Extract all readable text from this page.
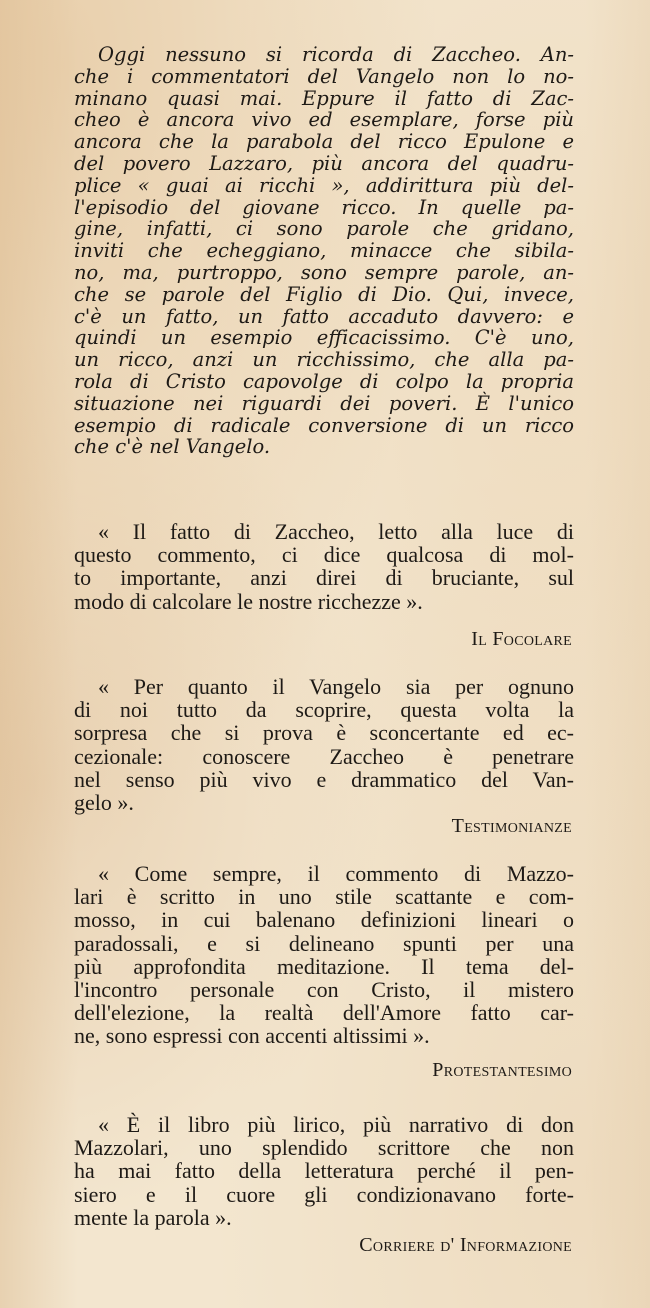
Oggi nessuno si ricorda di Zaccheo. An-
che i commentatori del Vangelo non lo no-
minano quasi mai. Eppure il fatto di Zac-
cheo è ancora vivo ed esemplare, forse più
ancora che la parabola del ricco Epulone e
del povero Lazzaro, più ancora del quadru-
plice « guai ai ricchi », addirittura più del-
l'episodio del giovane ricco. In quelle pa-
gine, infatti, ci sono parole che gridano,
inviti che echeggiano, minacce che sibila-
no, ma, purtroppo, sono sempre parole, an-
che se parole del Figlio di Dio. Qui, invece,
c'è un fatto, un fatto accaduto davvero: e
quindi un esempio efficacissimo. C'è uno,
un ricco, anzi un ricchissimo, che alla pa-
rola di Cristo capovolge di colpo la propria
situazione nei riguardi dei poveri. È l'unico
esempio di radicale conversione di un ricco
che c'è nel Vangelo.
« Il fatto di Zaccheo, letto alla luce di
questo commento, ci dice qualcosa di mol-
to importante, anzi direi di bruciante, sul
modo di calcolare le nostre ricchezze ».
Il Focolare
« Per quanto il Vangelo sia per ognuno
di noi tutto da scoprire, questa volta la
sorpresa che si prova è sconcertante ed ec-
cezionale: conoscere Zaccheo è penetrare
nel senso più vivo e drammatico del Van-
gelo ».
Testimonianze
« Come sempre, il commento di Mazzo-
lari è scritto in uno stile scattante e com-
mosso, in cui balenano definizioni lineari o
paradossali, e si delineano spunti per una
più approfondita meditazione. Il tema del-
l'incontro personale con Cristo, il mistero
dell'elezione, la realtà dell'Amore fatto car-
ne, sono espressi con accenti altissimi ».
Protestantesimo
« È il libro più lirico, più narrativo di don
Mazzolari, uno splendido scrittore che non
ha mai fatto della letteratura perché il pen-
siero e il cuore gli condizionavano forte-
mente la parola ».
Corriere d' Informazione
